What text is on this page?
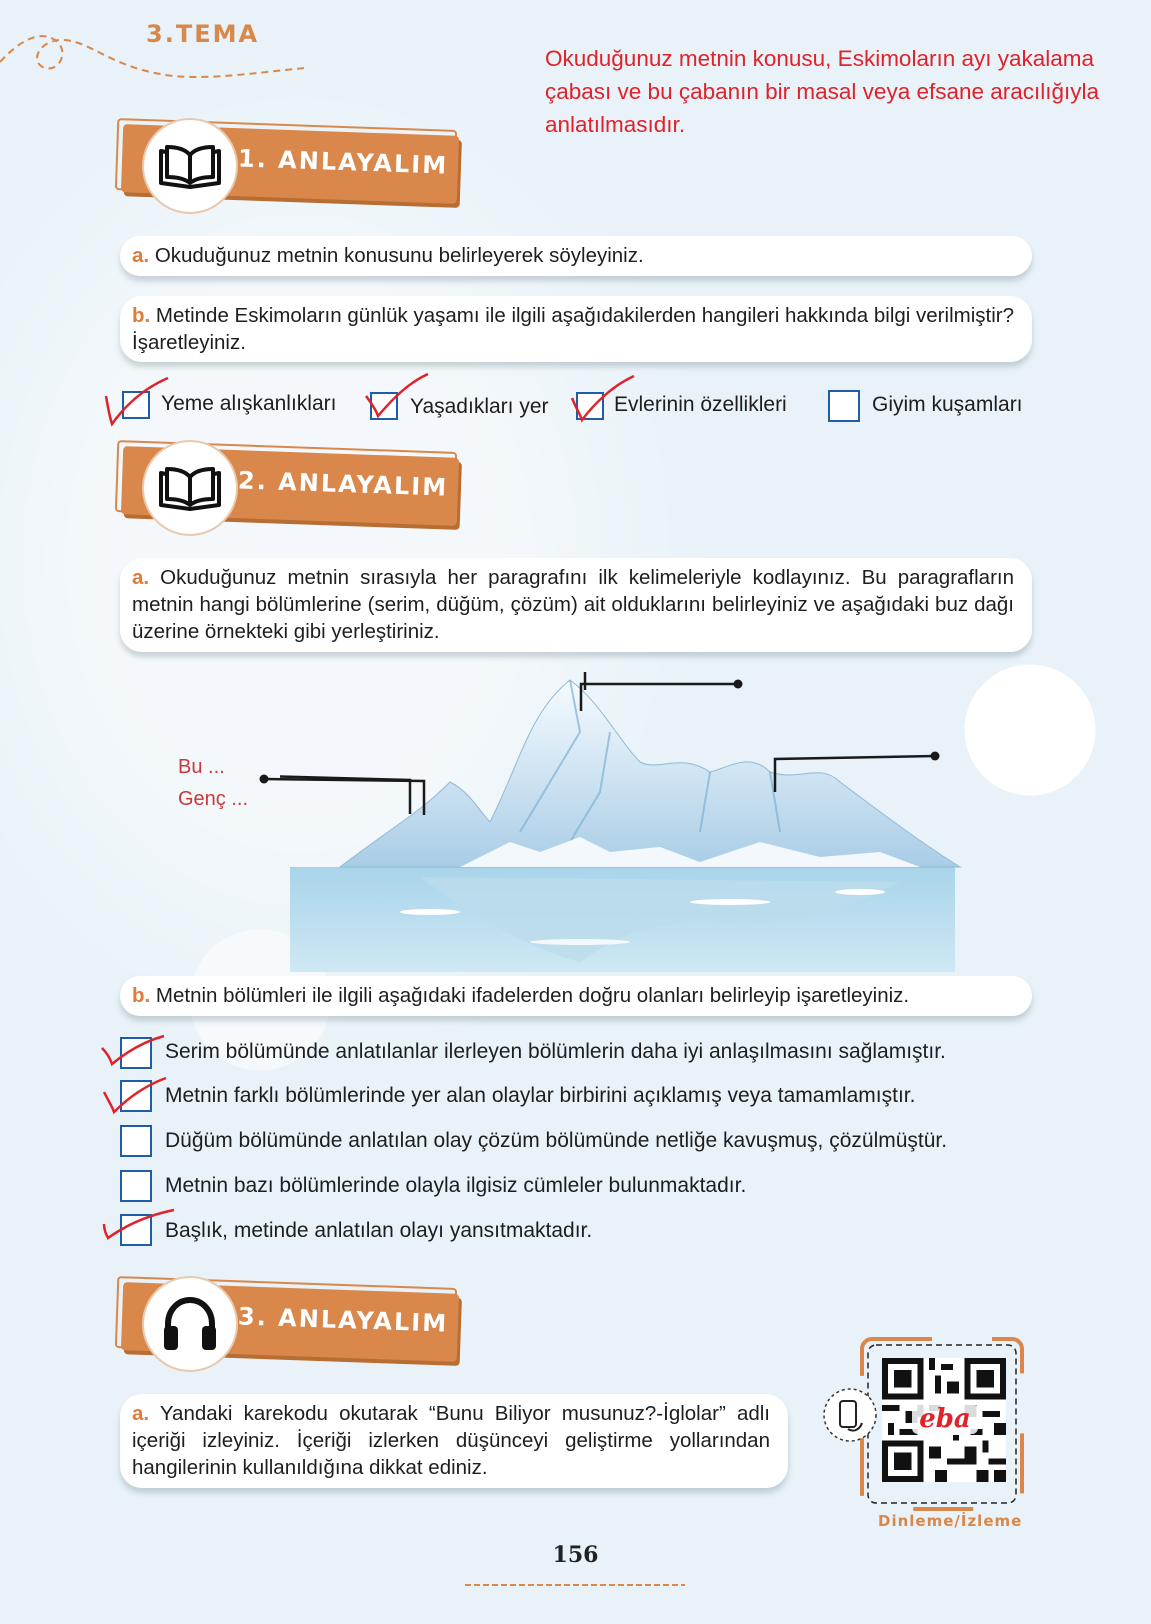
3.TEMA
Okuduğunuz metnin konusu, Eskimoların ayı yakalama çabası ve bu çabanın bir masal veya efsane aracılığıyla anlatılmasıdır.
1. ANLAYALIM
a. Okuduğunuz metnin konusunu belirleyerek söyleyiniz.
b. Metinde Eskimoların günlük yaşamı ile ilgili aşağıdakilerden hangileri hakkında bilgi verilmiştir? İşaretleyiniz.
Yeme alışkanlıkları	Yaşadıkları yer	Evlerinin özellikleri	Giyim kuşamları
2. ANLAYALIM
a. Okuduğunuz metnin sırasıyla her paragrafını ilk kelimeleriyle kodlayınız. Bu paragrafların metnin hangi bölümlerine (serim, düğüm, çözüm) ait olduklarını belirleyiniz ve aşağıdaki buz dağı üzerine örnekteki gibi yerleştiriniz.
Bu ...
Genç ...
b. Metnin bölümleri ile ilgili aşağıdaki ifadelerden doğru olanları belirleyip işaretleyiniz.
Serim bölümünde anlatılanlar ilerleyen bölümlerin daha iyi anlaşılmasını sağlamıştır.
Metnin farklı bölümlerinde yer alan olaylar birbirini açıklamış veya tamamlamıştır.
Düğüm bölümünde anlatılan olay çözüm bölümünde netliğe kavuşmuş, çözülmüştür.
Metnin bazı bölümlerinde olayla ilgisiz cümleler bulunmaktadır.
Başlık, metinde anlatılan olayı yansıtmaktadır.
3. ANLAYALIM
a. Yandaki karekodu okutarak “Bunu Biliyor musunuz?-İglolar” adlı içeriği izleyiniz. İçeriği izlerken düşünceyi geliştirme yollarından hangilerinin kullanıldığına dikkat ediniz.
eba
Dinleme/İzleme
156
